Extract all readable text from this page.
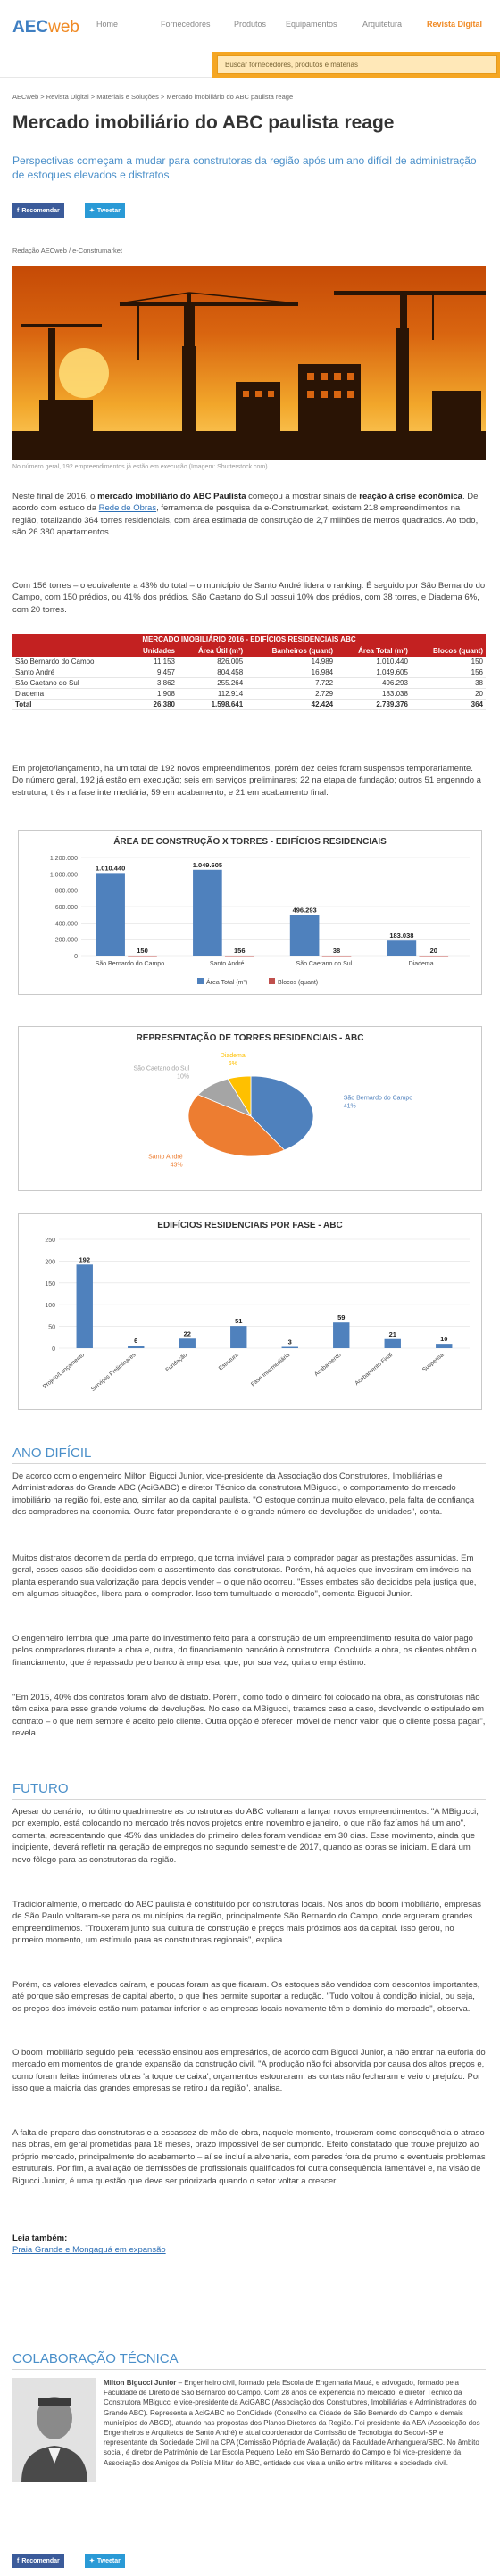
AECweb Home	Fornecedores	Produtos Equipamentos	Arquitetura	Revista Digital
Buscar fornecedores, produtos e matérias
AECweb > Revista Digital > Materiais e Soluções > Mercado imobiliário do ABC paulista reage
Mercado imobiliário do ABC paulista reage
Perspectivas começam a mudar para construtoras da região após um ano difícil de administração de estoques elevados e distratos
f Recomendar	✦ Tweetar
Redação AECweb / e-Construmarket
No número geral, 192 empreendimentos já estão em execução (Imagem: Shutterstock.com)
Neste final de 2016, o mercado imobiliário do ABC Paulista começou a mostrar sinais de reação à crise econômica. De acordo com estudo da Rede de Obras, ferramenta de pesquisa da e-Construmarket, existem 218 empreendimentos na região, totalizando 364 torres residenciais, com área estimada de construção de 2,7 milhões de metros quadrados. Ao todo, são 26.380 apartamentos.
Com 156 torres – o equivalente a 43% do total – o município de Santo André lidera o ranking. É seguido por São Bernardo do Campo, com 150 prédios, ou 41% dos prédios. São Caetano do Sul possui 10% dos prédios, com 38 torres, e Diadema 6%, com 20 torres.
MERCADO IMOBILIÁRIO 2016 - EDIFÍCIOS RESIDENCIAIS ABC					
	Unidades	Área Útil (m²)	Banheiros (quant)	Área Total (m²)	Blocos (quant)
São Bernardo do Campo	11.153	826.005	14.989	1.010.440	150
Santo André	9.457	804.458	16.984	1.049.605	156
São Caetano do Sul	3.862	255.264	7.722	496.293	38
Diadema	1.908	112.914	2.729	183.038	20
Total	26.380	1.598.641	42.424	2.739.376	364
Em projeto/lançamento, há um total de 192 novos empreendimentos, porém dez deles foram suspensos temporariamente. Do número geral, 192 já estão em execução; seis em serviços preliminares; 22 na etapa de fundação; outros 51 engenndo a estrutura; três na fase intermediária, 59 em acabamento, e 21 em acabamento final.
ÁREA DE CONSTRUÇÃO X TORRES - EDIFÍCIOS RESIDENCIAIS
0
200.000
400.000
600.000
800.000
1.000.000
1.200.000
1.010.440
150
São Bernardo do Campo
1.049.605
156
Santo André
496.293
38
São Caetano do Sul
183.038
20
Diadema
Área Total (m²)	Blocos (quant)
REPRESENTAÇÃO DE TORRES RESIDENCIAIS - ABC
São Bernardo do Campo
41%
Santo André
43%
São Caetano do Sul
10%
Diadema
6%
EDIFÍCIOS RESIDENCIAIS POR FASE - ABC
0
50
100
150
200
250
192
Projeto/Lançamento
6
Serviços Preliminares
22
Fundação
51
Estrutura
3
Fase Intermediária
59
Acabamento
21
Acabamento Final
10
Suspensa
ANO DIFÍCIL
De acordo com o engenheiro Milton Bigucci Junior, vice-presidente da Associação dos Construtores, Imobiliárias e Administradoras do Grande ABC (AciGABC) e diretor Técnico da construtora MBigucci, o comportamento do mercado imobiliário na região foi, este ano, similar ao da capital paulista. "O estoque continua muito elevado, pela falta de confiança dos compradores na economia. Outro fator preponderante é o grande número de devoluções de unidades", conta.
Muitos distratos decorrem da perda do emprego, que torna inviável para o comprador pagar as prestações assumidas. Em geral, esses casos são decididos com o assentimento das construtoras. Porém, há aqueles que investiram em imóveis na planta esperando sua valorização para depois vender – o que não ocorreu. "Esses embates são decididos pela justiça que, em algumas situações, libera para o comprador. Isso tem tumultuado o mercado", comenta Bigucci Junior.
O engenheiro lembra que uma parte do investimento feito para a construção de um empreendimento resulta do valor pago pelos compradores durante a obra e, outra, do financiamento bancário à construtora. Concluída a obra, os clientes obtêm o financiamento, que é repassado pelo banco à empresa, que, por sua vez, quita o empréstimo.
"Em 2015, 40% dos contratos foram alvo de distrato. Porém, como todo o dinheiro foi colocado na obra, as construtoras não têm caixa para esse grande volume de devoluções. No caso da MBigucci, tratamos caso a caso, devolvendo o estipulado em contrato – o que nem sempre é aceito pelo cliente. Outra opção é oferecer imóvel de menor valor, que o cliente possa pagar", revela.
FUTURO
Apesar do cenário, no último quadrimestre as construtoras do ABC voltaram a lançar novos empreendimentos. "A MBigucci, por exemplo, está colocando no mercado três novos projetos entre novembro e janeiro, o que não fazíamos há um ano", comenta, acrescentando que 45% das unidades do primeiro deles foram vendidas em 30 dias. Esse movimento, ainda que incipiente, deverá refletir na geração de empregos no segundo semestre de 2017, quando as obras se iniciam. É dará um novo fôlego para as construtoras da região.
Tradicionalmente, o mercado do ABC paulista é constituído por construtoras locais. Nos anos do boom imobiliário, empresas de São Paulo voltaram-se para os municípios da região, principalmente São Bernardo do Campo, onde ergueram grandes empreendimentos. "Trouxeram junto sua cultura de construção e preços mais próximos aos da capital. Isso gerou, no primeiro momento, um estímulo para as construtoras regionais", explica.
Porém, os valores elevados caíram, e poucas foram as que ficaram. Os estoques são vendidos com descontos importantes, até porque são empresas de capital aberto, o que lhes permite suportar a redução. "Tudo voltou à condição inicial, ou seja, os preços dos imóveis estão num patamar inferior e as empresas locais novamente têm o domínio do mercado", observa.
O boom imobiliário seguido pela recessão ensinou aos empresários, de acordo com Bigucci Junior, a não entrar na euforia do mercado em momentos de grande expansão da construção civil. "A produção não foi absorvida por causa dos altos preços e, como foram feitas inúmeras obras 'a toque de caixa', orçamentos estouraram, as contas não fecharam e veio o prejuízo. Por isso que a maioria das grandes empresas se retirou da região", analisa.
A falta de preparo das construtoras e a escassez de mão de obra, naquele momento, trouxeram como consequência o atraso nas obras, em geral prometidas para 18 meses, prazo impossível de ser cumprido. Efeito constatado que trouxe prejuízo ao próprio mercado, principalmente do acabamento – aí se incluí a alvenaria, com paredes fora de prumo e eventuais problemas estruturais. Por fim, a avaliação de demissões de profissionais qualificados foi outra consequência lamentável e, na visão de Bigucci Junior, é uma questão que deve ser priorizada quando o setor voltar a crescer.
Leia também:
Praia Grande e Mongaguá em expansão
COLABORAÇÃO TÉCNICA
Milton Bigucci Junior – Engenheiro civil, formado pela Escola de Engenharia Mauá, e advogado, formado pela Faculdade de Direito de São Bernardo do Campo. Com 28 anos de experiência no mercado, é diretor Técnico da Construtora MBigucci e vice-presidente da AciGABC (Associação dos Construtores, Imobiliárias e Administradoras do Grande ABC). Representa a AciGABC no ConCidade (Conselho da Cidade de São Bernardo do Campo e demais municípios do ABCD), atuando nas propostas dos Planos Diretores da Região. Foi presidente da AEA (Associação dos Engenheiros e Arquitetos de Santo André) e atual coordenador da Comissão de Tecnologia do Secovi-SP e representante da Sociedade Civil na CPA (Comissão Própria de Avaliação) da Faculdade Anhanguera/SBC. No âmbito social, é diretor de Patrimônio de Lar Escola Pequeno Leão em São Bernardo do Campo e foi vice-presidente da Associação dos Amigos da Polícia Militar do ABC, entidade que visa a união entre militares e sociedade civil.
f Recomendar	✦ Tweetar
